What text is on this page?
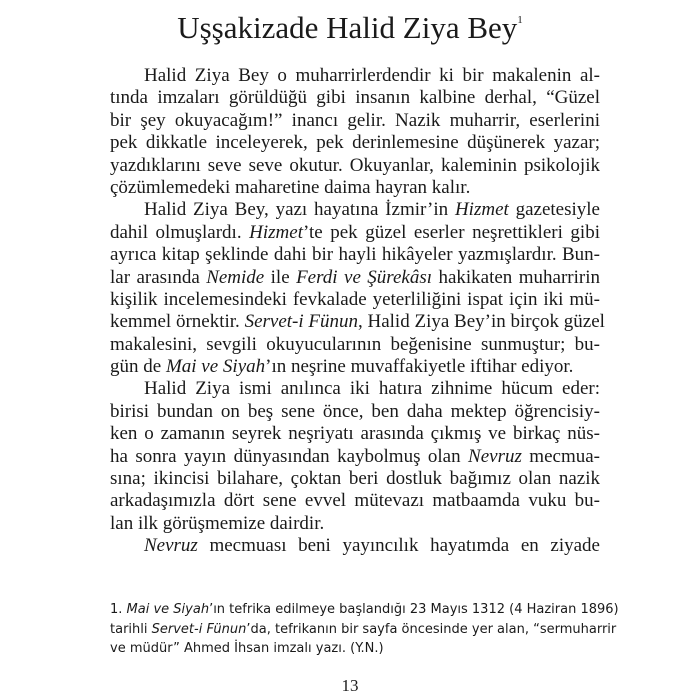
Uşşakizade Halid Ziya Bey$^1$
Halid Ziya Bey o muharrirlerdendir ki bir makalenin al-
tında imzaları görüldüğü gibi insanın kalbine derhal, “Güzel
bir şey okuyacağım!” inancı gelir. Nazik muharrir, eserlerini
pek dikkatle inceleyerek, pek derinlemesine düşünerek yazar;
yazdıklarını seve seve okutur. Okuyanlar, kaleminin psikolojik
çözümlemedeki maharetine daima hayran kalır.
Halid Ziya Bey, yazı hayatına İzmir’in Hizmet gazetesiyle
dahil olmuşlardı. Hizmet’te pek güzel eserler neşrettikleri gibi
ayrıca kitap şeklinde dahi bir hayli hikâyeler yazmışlardır. Bun-
lar arasında Nemide ile Ferdi ve Şürekâsı hakikaten muharririn
kişilik incelemesindeki fevkalade yeterliliğini ispat için iki mü-
kemmel örnektir. Servet-i Fünun, Halid Ziya Bey’in birçok güzel
makalesini, sevgili okuyucularının beğenisine sunmuştur; bu-
gün de Mai ve Siyah’ın neşrine muvaffakiyetle iftihar ediyor.
Halid Ziya ismi anılınca iki hatıra zihnime hücum eder:
birisi bundan on beş sene önce, ben daha mektep öğrencisiy-
ken o zamanın seyrek neşriyatı arasında çıkmış ve birkaç nüs-
ha sonra yayın dünyasından kaybolmuş olan Nevruz mecmua-
sına; ikincisi bilahare, çoktan beri dostluk bağımız olan nazik
arkadaşımızla dört sene evvel mütevazı matbaamda vuku bu-
lan ilk görüşmemize dairdir.
Nevruz mecmuası beni yayıncılık hayatımda en ziyade
1. Mai ve Siyah’ın tefrika edilmeye başlandığı 23 Mayıs 1312 (4 Haziran 1896)
tarihli Servet-i Fünun’da, tefrikanın bir sayfa öncesinde yer alan, “sermuharrir
ve müdür” Ahmed İhsan imzalı yazı. (Y.N.)
13
